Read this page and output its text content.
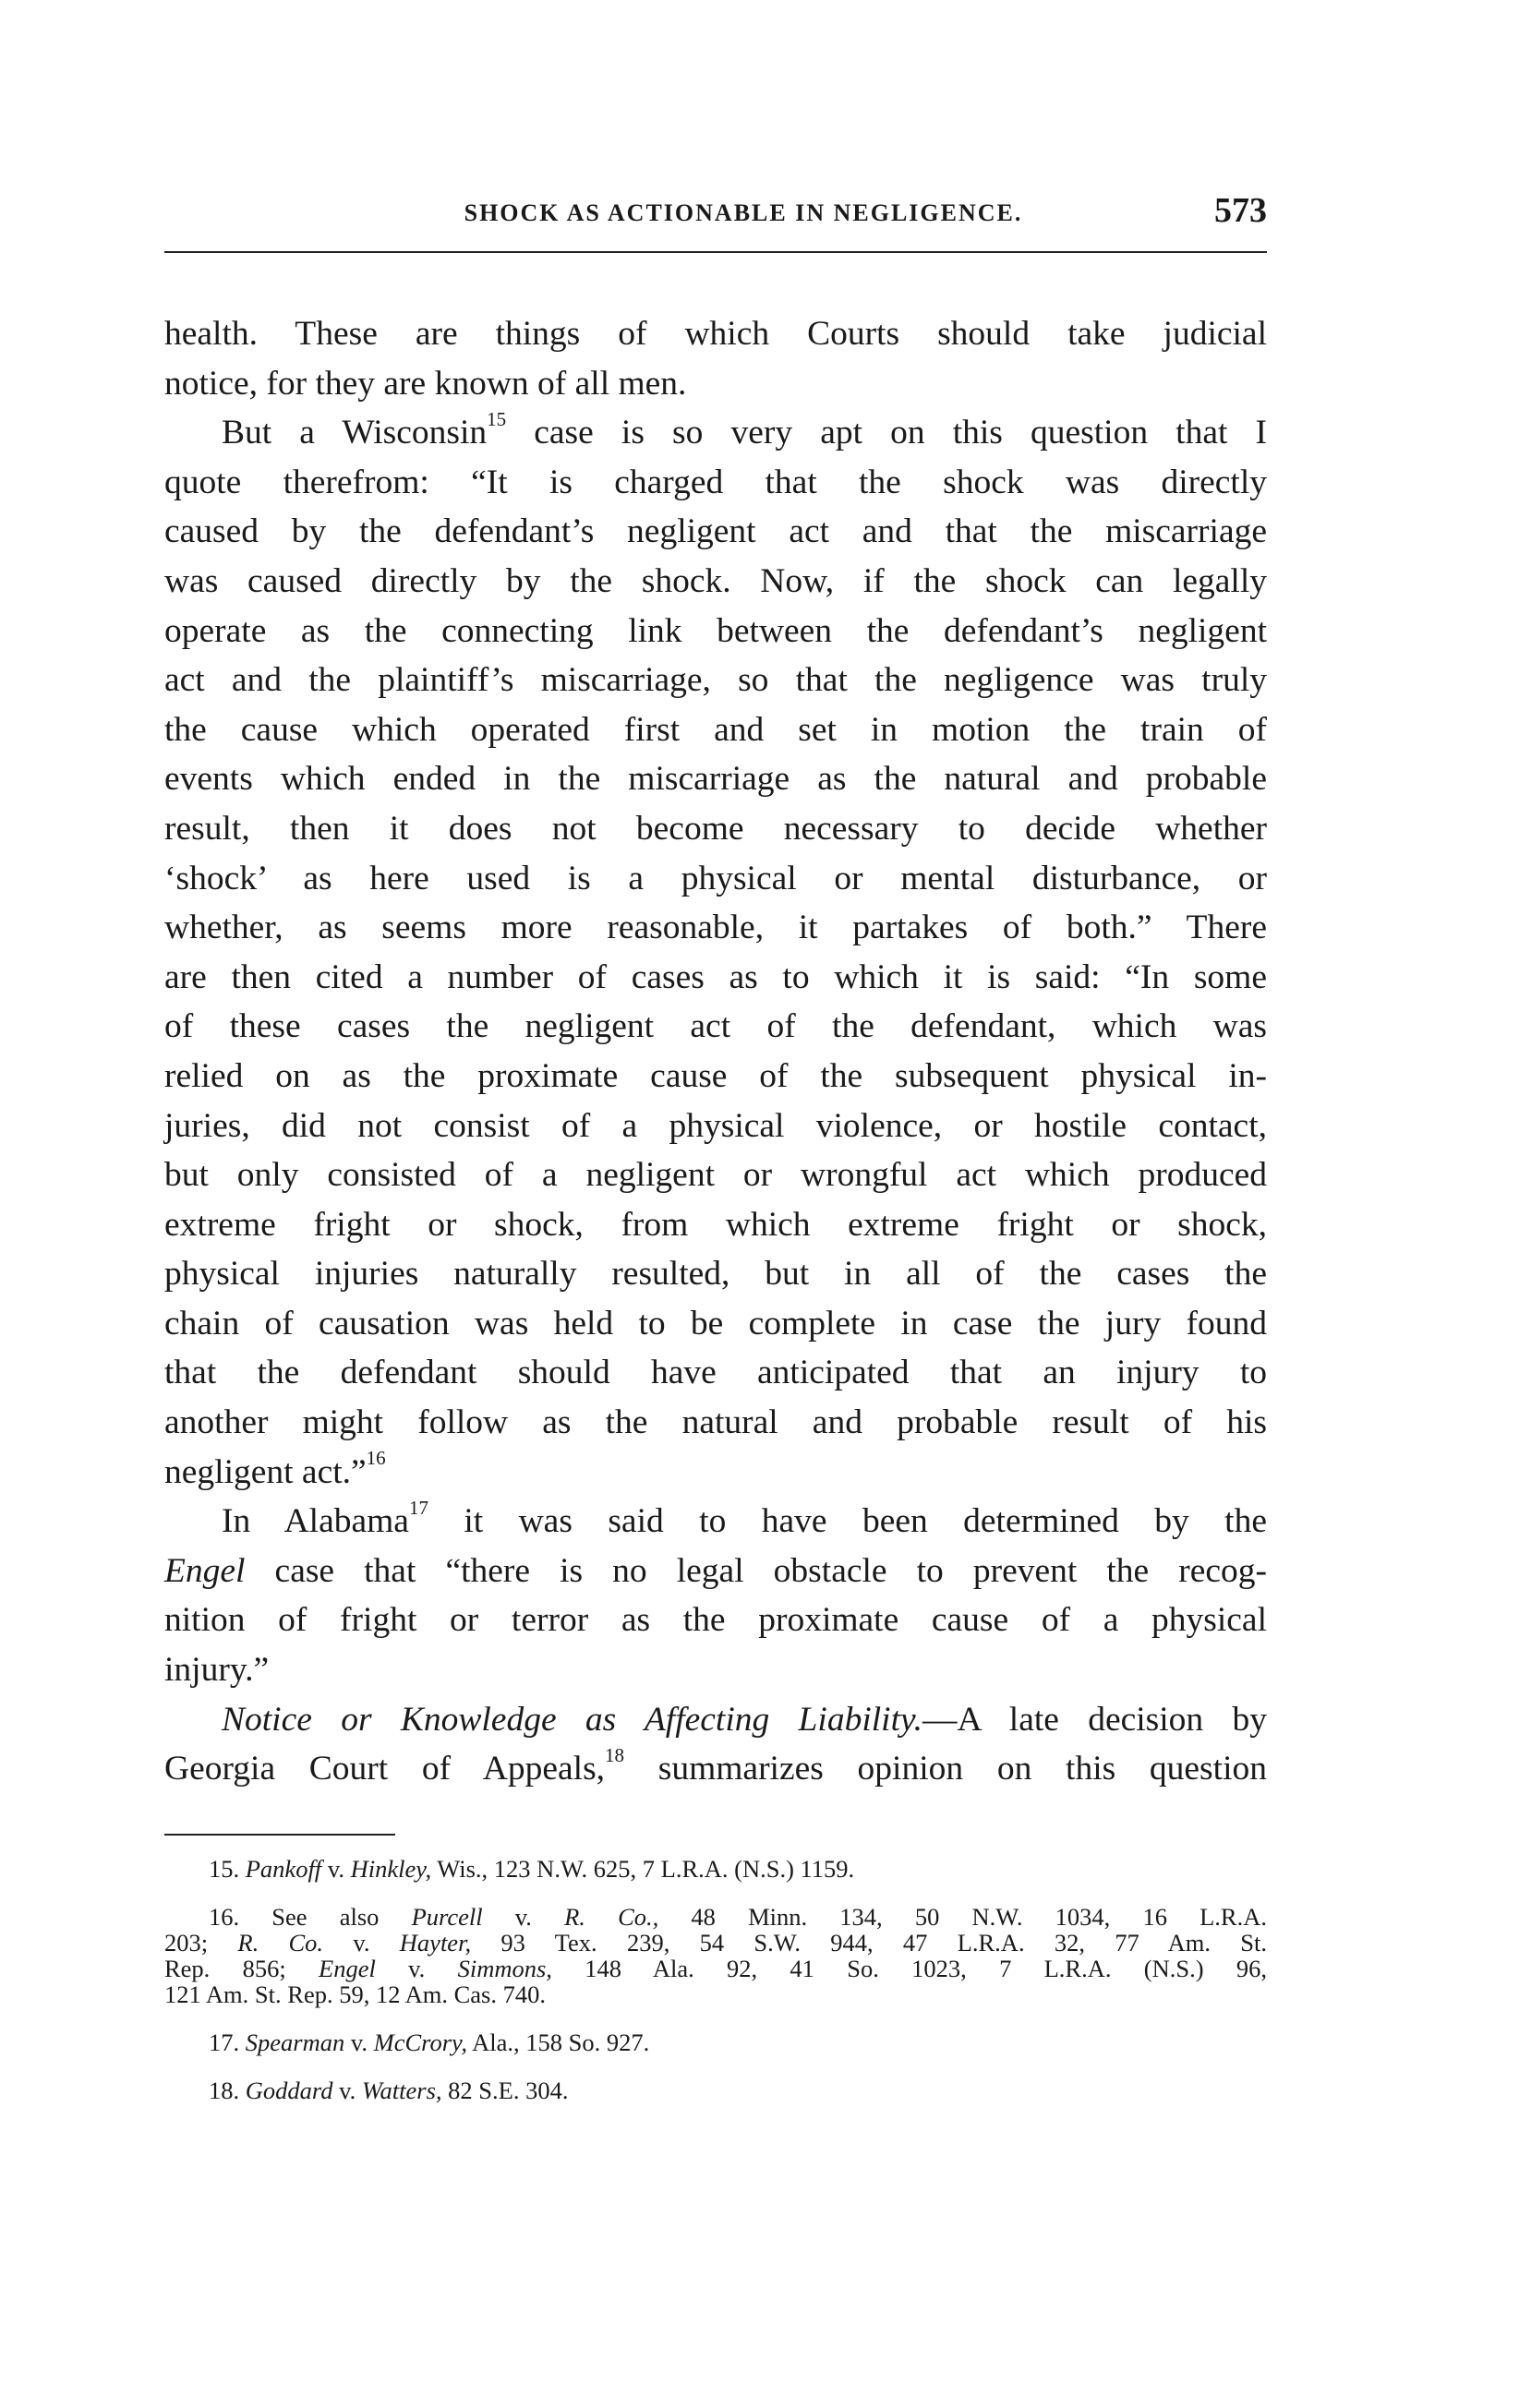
SHOCK AS ACTIONABLE IN NEGLIGENCE.	573
health. These are things of which Courts should take judicial
notice, for they are known of all men.
But a Wisconsin$^{15}$ case is so very apt on this question that I
quote therefrom: “It is charged that the shock was directly
caused by the defendant’s negligent act and that the miscarriage
was caused directly by the shock. Now, if the shock can legally
operate as the connecting link between the defendant’s negligent
act and the plaintiff’s miscarriage, so that the negligence was truly
the cause which operated first and set in motion the train of
events which ended in the miscarriage as the natural and probable
result, then it does not become necessary to decide whether
‘shock’ as here used is a physical or mental disturbance, or
whether, as seems more reasonable, it partakes of both.” There
are then cited a number of cases as to which it is said: “In some
of these cases the negligent act of the defendant, which was
relied on as the proximate cause of the subsequent physical in-
juries, did not consist of a physical violence, or hostile contact,
but only consisted of a negligent or wrongful act which produced
extreme fright or shock, from which extreme fright or shock,
physical injuries naturally resulted, but in all of the cases the
chain of causation was held to be complete in case the jury found
that the defendant should have anticipated that an injury to
another might follow as the natural and probable result of his
negligent act.”$^{16}$
In Alabama$^{17}$ it was said to have been determined by the
Engel case that “there is no legal obstacle to prevent the recog-
nition of fright or terror as the proximate cause of a physical
injury.”
Notice or Knowledge as Affecting Liability.—A late decision by
Georgia Court of Appeals,$^{18}$ summarizes opinion on this question
15. Pankoff v. Hinkley, Wis., 123 N.W. 625, 7 L.R.A. (N.S.) 1159.
16. See also Purcell v. R. Co., 48 Minn. 134, 50 N.W. 1034, 16 L.R.A.
203; R. Co. v. Hayter, 93 Tex. 239, 54 S.W. 944, 47 L.R.A. 32, 77 Am. St.
Rep. 856; Engel v. Simmons, 148 Ala. 92, 41 So. 1023, 7 L.R.A. (N.S.) 96,
121 Am. St. Rep. 59, 12 Am. Cas. 740.
17. Spearman v. McCrory, Ala., 158 So. 927.
18. Goddard v. Watters, 82 S.E. 304.
